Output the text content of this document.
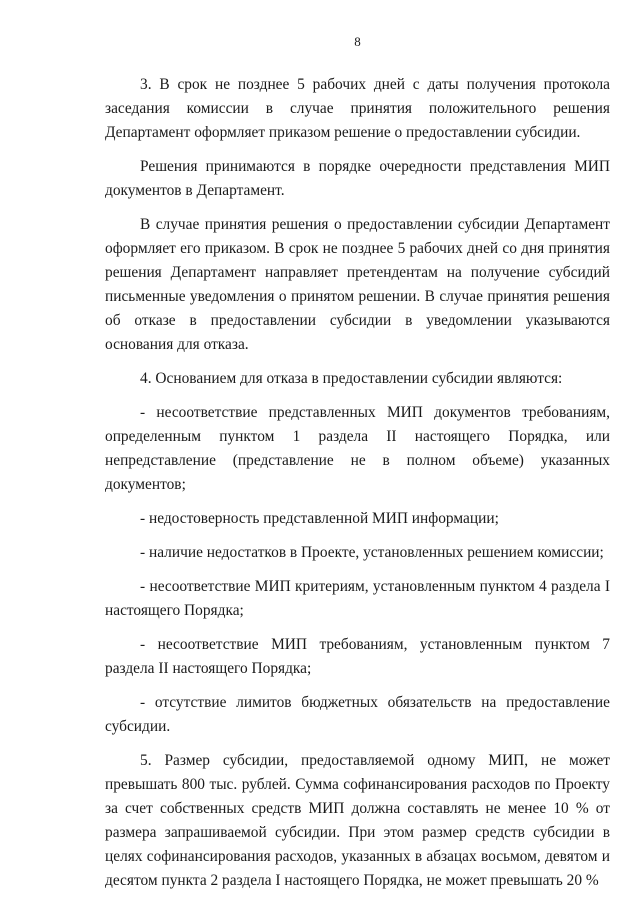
8

3. В срок не позднее 5 рабочих дней с даты получения протокола заседания комиссии в случае принятия положительного решения Департамент оформляет приказом решение о предоставлении субсидии.

Решения принимаются в порядке очередности представления МИП документов в Департамент.

В случае принятия решения о предоставлении субсидии Департамент оформляет его приказом. В срок не позднее 5 рабочих дней со дня принятия решения Департамент направляет претендентам на получение субсидий письменные уведомления о принятом решении. В случае принятия решения об отказе в предоставлении субсидии в уведомлении указываются основания для отказа.

4. Основанием для отказа в предоставлении субсидии являются:

- несоответствие представленных МИП документов требованиям, определенным пунктом 1 раздела II настоящего Порядка, или непредставление (представление не в полном объеме) указанных документов;

- недостоверность представленной МИП информации;

- наличие недостатков в Проекте, установленных решением комиссии;

- несоответствие МИП критериям, установленным пунктом 4 раздела I настоящего Порядка;

- несоответствие МИП требованиям, установленным пунктом 7 раздела II настоящего Порядка;

- отсутствие лимитов бюджетных обязательств на предоставление субсидии.

5. Размер субсидии, предоставляемой одному МИП, не может превышать 800 тыс. рублей. Сумма софинансирования расходов по Проекту за счет собственных средств МИП должна составлять не менее 10 % от размера запрашиваемой субсидии. При этом размер средств субсидии в целях софинансирования расходов, указанных в абзацах восьмом, девятом и десятом пункта 2 раздела I настоящего Порядка, не может превышать 20 %
